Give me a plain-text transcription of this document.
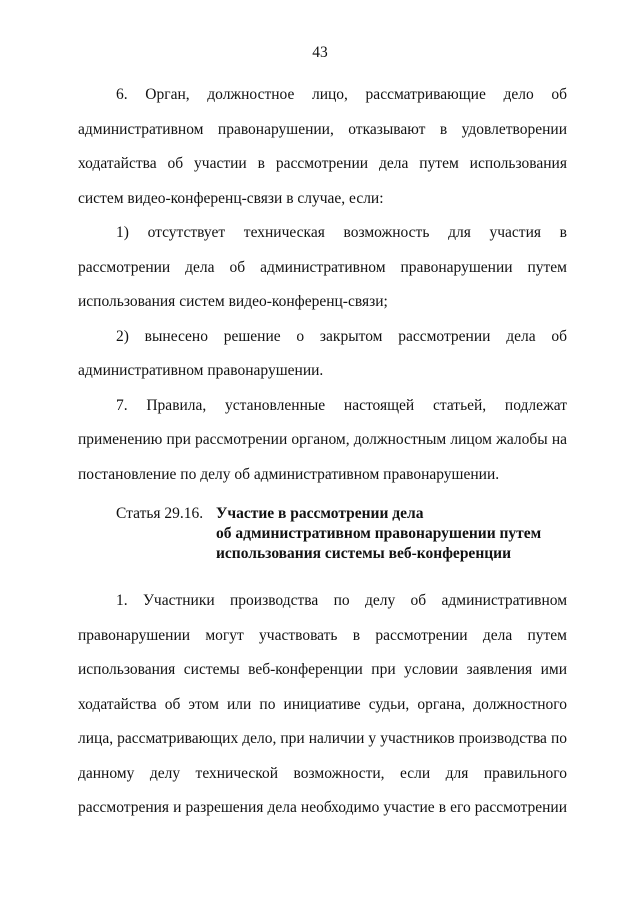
43

6. Орган, должностное лицо, рассматривающие дело об административном правонарушении, отказывают в удовлетворении ходатайства об участии в рассмотрении дела путем использования систем видео-конференц-связи в случае, если:

1) отсутствует техническая возможность для участия в рассмотрении дела об административном правонарушении путем использования систем видео-конференц-связи;

2) вынесено решение о закрытом рассмотрении дела об административном правонарушении.

7. Правила, установленные настоящей статьей, подлежат применению при рассмотрении органом, должностным лицом жалобы на постановление по делу об административном правонарушении.

Статья 29.16. Участие в рассмотрении дела
об административном правонарушении путем
использования системы веб-конференции

1. Участники производства по делу об административном правонарушении могут участвовать в рассмотрении дела путем использования системы веб-конференции при условии заявления ими ходатайства об этом или по инициативе судьи, органа, должностного лица, рассматривающих дело, при наличии у участников производства по данному делу технической возможности, если для правильного рассмотрения и разрешения дела необходимо участие в его рассмотрении
